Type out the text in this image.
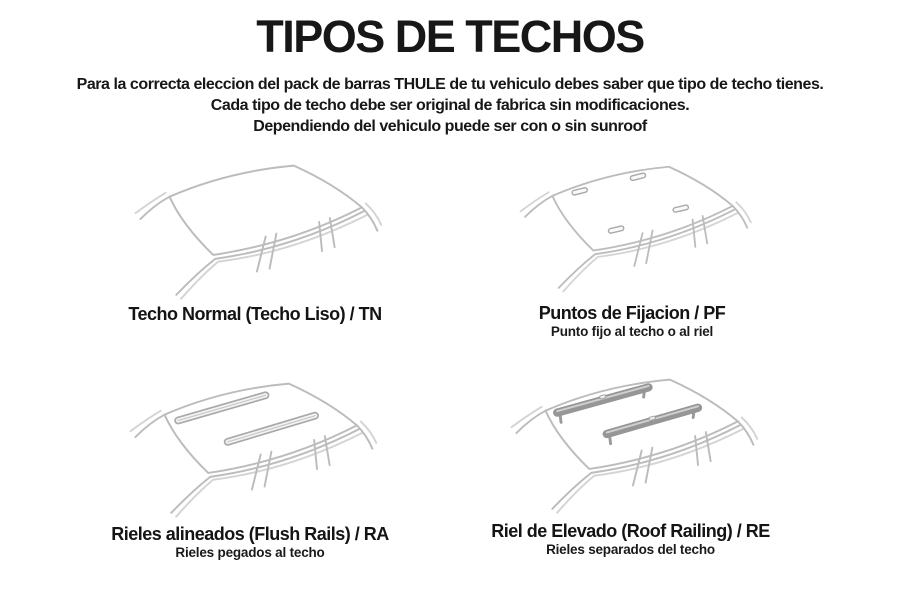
TIPOS DE TECHOS
Para la correcta eleccion del pack de barras THULE de tu vehiculo debes saber que tipo de techo tienes.
Cada tipo de techo debe ser original de fabrica sin modificaciones.
Dependiendo del vehiculo puede ser con o sin sunroof
Techo Normal (Techo Liso) / TN	Puntos de Fijacion / PF
Punto fijo al techo o al riel
Rieles alineados (Flush Rails) / RA
Rieles pegados al techo
Riel de Elevado (Roof Railing) / RE
Rieles separados del techo
